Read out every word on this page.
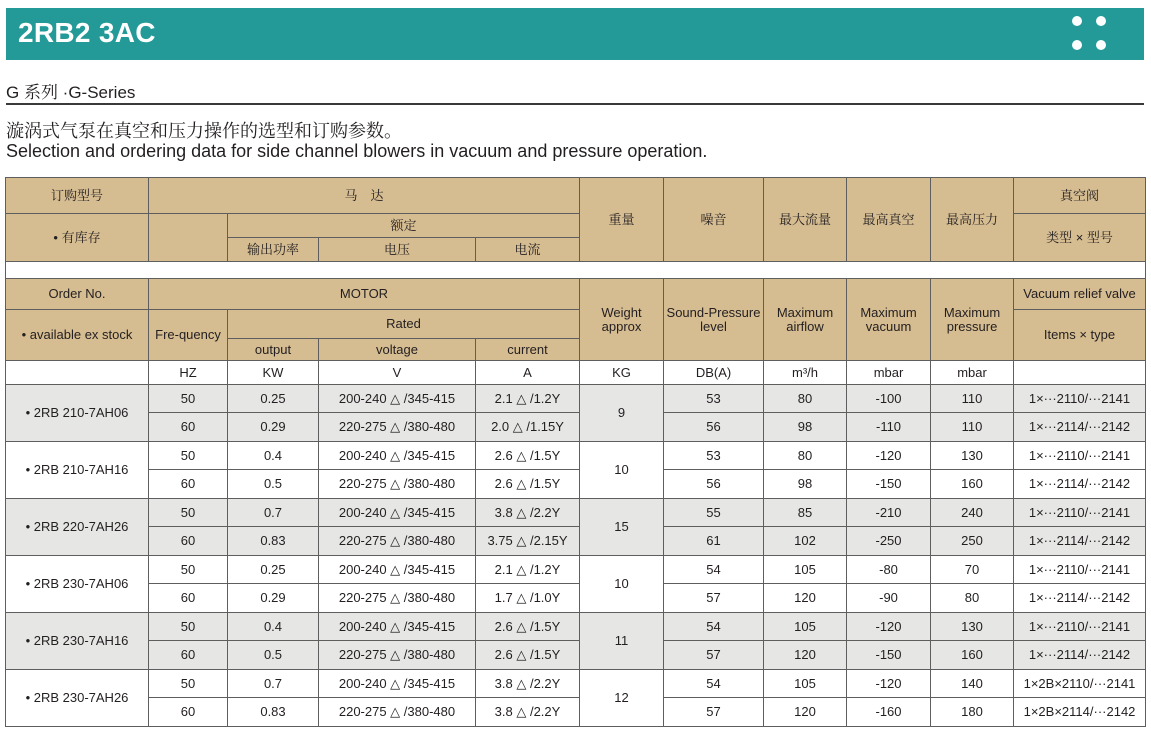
2RB2 3AC
G 系列 ·G-Series
漩涡式气泵在真空和压力操作的选型和订购参数。
Selection and ordering data for side channel blowers in vacuum and pressure operation.
订购型号	马　达				重量	噪音	最大流量	最高真空	最高压力	真空阀
• 有库存		额定								类型 × 型号
		输出功率	电压	电流						

Order No.	MOTOR				Weight approx	Sound-Pressure level	Maximum airflow	Maximum vacuum	Maximum pressure	Vacuum relief valve
• available ex stock	Fre-quency	Rated								Items × type
		output	voltage	current						
	HZ	KW	V	A	KG	DB(A)	m³/h	mbar	mbar	
• 2RB 210-7AH06	50	0.25	200-240 △ /345-415	2.1 △ /1.2Y	9	53	80	-100	110	1×···2110/···2141
	60	0.29	220-275 △ /380-480	2.0 △ /1.15Y		56	98	-110	110	1×···2114/···2142
• 2RB 210-7AH16	50	0.4	200-240 △ /345-415	2.6 △ /1.5Y	10	53	80	-120	130	1×···2110/···2141
	60	0.5	220-275 △ /380-480	2.6 △ /1.5Y		56	98	-150	160	1×···2114/···2142
• 2RB 220-7AH26	50	0.7	200-240 △ /345-415	3.8 △ /2.2Y	15	55	85	-210	240	1×···2110/···2141
	60	0.83	220-275 △ /380-480	3.75 △ /2.15Y		61	102	-250	250	1×···2114/···2142
• 2RB 230-7AH06	50	0.25	200-240 △ /345-415	2.1 △ /1.2Y	10	54	105	-80	70	1×···2110/···2141
	60	0.29	220-275 △ /380-480	1.7 △ /1.0Y		57	120	-90	80	1×···2114/···2142
• 2RB 230-7AH16	50	0.4	200-240 △ /345-415	2.6 △ /1.5Y	11	54	105	-120	130	1×···2110/···2141
	60	0.5	220-275 △ /380-480	2.6 △ /1.5Y		57	120	-150	160	1×···2114/···2142
• 2RB 230-7AH26	50	0.7	200-240 △ /345-415	3.8 △ /2.2Y	12	54	105	-120	140	1×2B×2110/···2141
	60	0.83	220-275 △ /380-480	3.8 △ /2.2Y		57	120	-160	180	1×2B×2114/···2142
